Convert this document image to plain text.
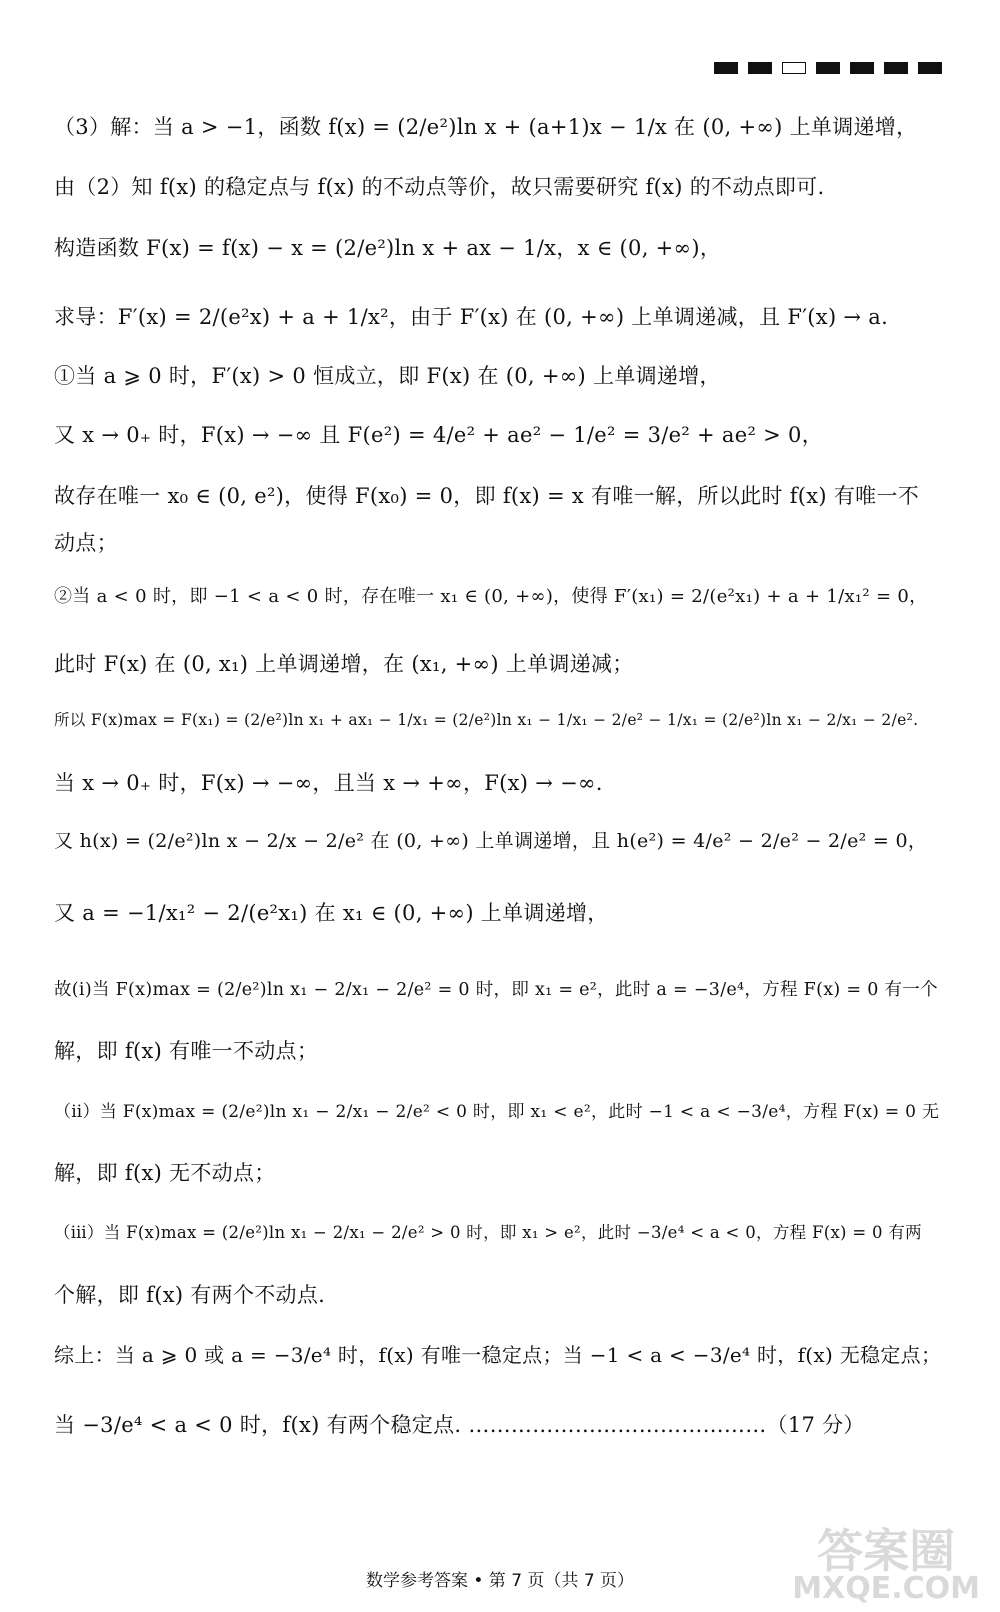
（3）解：当 a > −1，函数 f(x) = (2/e²)ln x + (a+1)x − 1/x 在 (0, +∞) 上单调递增，
由（2）知 f(x) 的稳定点与 f(x) 的不动点等价，故只需要研究 f(x) 的不动点即可.
构造函数 F(x) = f(x) − x = (2/e²)ln x + ax − 1/x，x ∈ (0, +∞)，
求导：F′(x) = 2/(e²x) + a + 1/x²，由于 F′(x) 在 (0, +∞) 上单调递减，且 F′(x) → a.
①当 a ⩾ 0 时，F′(x) > 0 恒成立，即 F(x) 在 (0, +∞) 上单调递增，
又 x → 0₊ 时，F(x) → −∞ 且 F(e²) = 4/e² + ae² − 1/e² = 3/e² + ae² > 0，
故存在唯一 x₀ ∈ (0, e²)，使得 F(x₀) = 0，即 f(x) = x 有唯一解，所以此时 f(x) 有唯一不
动点；
②当 a < 0 时，即 −1 < a < 0 时，存在唯一 x₁ ∈ (0, +∞)，使得 F′(x₁) = 2/(e²x₁) + a + 1/x₁² = 0，
此时 F(x) 在 (0, x₁) 上单调递增，在 (x₁, +∞) 上单调递减；
所以 F(x)max = F(x₁) = (2/e²)ln x₁ + ax₁ − 1/x₁ = (2/e²)ln x₁ − 1/x₁ − 2/e² − 1/x₁ = (2/e²)ln x₁ − 2/x₁ − 2/e².
当 x → 0₊ 时，F(x) → −∞，且当 x → +∞，F(x) → −∞.
又 h(x) = (2/e²)ln x − 2/x − 2/e² 在 (0, +∞) 上单调递增，且 h(e²) = 4/e² − 2/e² − 2/e² = 0，
又 a = −1/x₁² − 2/(e²x₁) 在 x₁ ∈ (0, +∞) 上单调递增，
故(ⅰ)当 F(x)max = (2/e²)ln x₁ − 2/x₁ − 2/e² = 0 时，即 x₁ = e²，此时 a = −3/e⁴，方程 F(x) = 0 有一个
解，即 f(x) 有唯一不动点；
（ⅱ）当 F(x)max = (2/e²)ln x₁ − 2/x₁ − 2/e² < 0 时，即 x₁ < e²，此时 −1 < a < −3/e⁴，方程 F(x) = 0 无
解，即 f(x) 无不动点；
（ⅲ）当 F(x)max = (2/e²)ln x₁ − 2/x₁ − 2/e² > 0 时，即 x₁ > e²，此时 −3/e⁴ < a < 0，方程 F(x) = 0 有两
个解，即 f(x) 有两个不动点.
综上：当 a ⩾ 0 或 a = −3/e⁴ 时，f(x) 有唯一稳定点；当 −1 < a < −3/e⁴ 时，f(x) 无稳定点；
当 −3/e⁴ < a < 0 时，f(x) 有两个稳定点. ……………………………………（17 分）
数学参考答案 • 第 7 页（共 7 页）
答案圈
MXQE.COM
